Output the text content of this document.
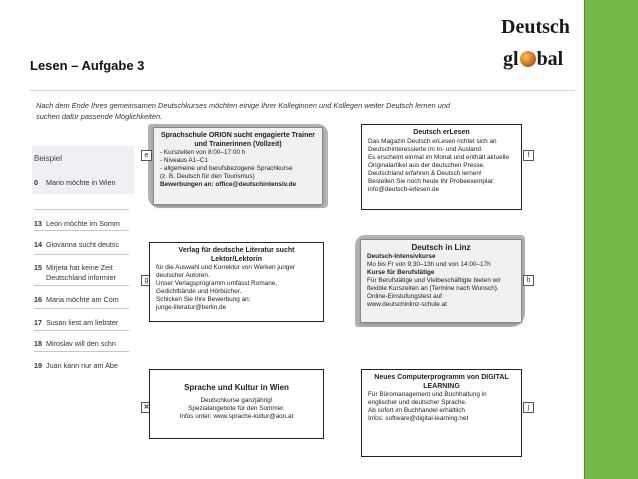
Lesen – Aufgabe 3
Deutsch
gl bal
Nach dem Ende Ihres gemeinsamen Deutschkurses möchten einige Ihrer Kolleginnen und Kollegen weiter Deutsch lernen und suchen dafür passende Möglichkeiten.
Beispiel
0 Mario möchte in Wien
13 Leon möchte im Somm
14 Giovanna sucht deutsc
15 Mirjeta hat keine Zeit
Deutschland informier
16 Maria möchte am Com
17 Susan liest am liebster
18 Miroslav will den schn
19 Juan kann nur am Abe
e
Sprachschule ORION sucht engagierte Trainer und Trainerinnen (Vollzeit)
- Kurszeiten von 8:00–17:00 h
- Niveaus A1–C1
- allgemeine und berufsbezogene Sprachkurse
(z. B. Deutsch für den Tourismus)
Bewerbungen an: office@deutschintensiv.de
Deutsch erLesen
Das Magazin Deutsch erLesen richtet sich an Deutschinteressierte im In- und Ausland.
Es erscheint einmal im Monat und enthält aktuelle Originalartikel aus der deutschen Presse. Deutschland erfahren & Deutsch lernen!
Bestellen Sie noch heute Ihr Probeexemplar:
info@deutsch-erlesen.de
f
g
Verlag für deutsche Literatur sucht Lektor/Lektorin
für die Auswahl und Korrektur von Werken junger deutscher Autoren.
Unser Verlagsprogramm umfasst Romane, Gedichtbände und Hörbücher.
Schicken Sie Ihre Bewerbung an:
junge-literatur@berlin.de
Deutsch in Linz
Deutsch-Intensivkurse
Mo bis Fr von 9:30–13h und von 14:00–17h
Kurse für Berufstätige
Für Berufstätige und Vielbeschäftigte bieten wir flexible Kurszeiten an (Termine nach Wunsch).
Online-Einstufungstest auf
www.deutschinlinz-schule.at
h
✕
Sprache und Kultur in Wien
Deutschkurse ganzjährig!
Spezialangebote für den Sommer.
Infos unter: www.sprache-kultur@aon.at
Neues Computerprogramm von DIGITAL LEARNING
Für Büromanagement und Buchhaltung in englischer und deutscher Sprache.
Ab sofort im Buchhandel erhältlich
Infos: software@digital-learning.net
j
